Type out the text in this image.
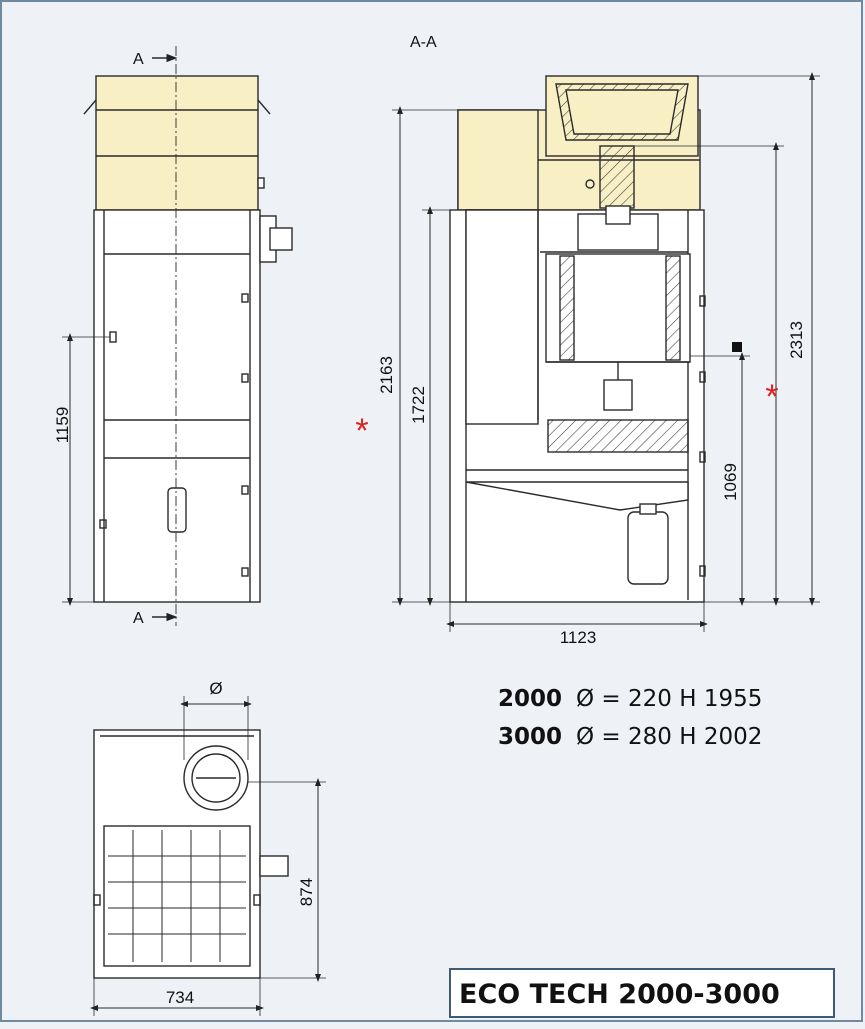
A
A
1159
A-A
2163
1722
1069
2313
1123
*
*
Ø
874
734
2000 Ø = 220 H 1955
3000 Ø = 280 H 2002
ECO TECH 2000-3000
